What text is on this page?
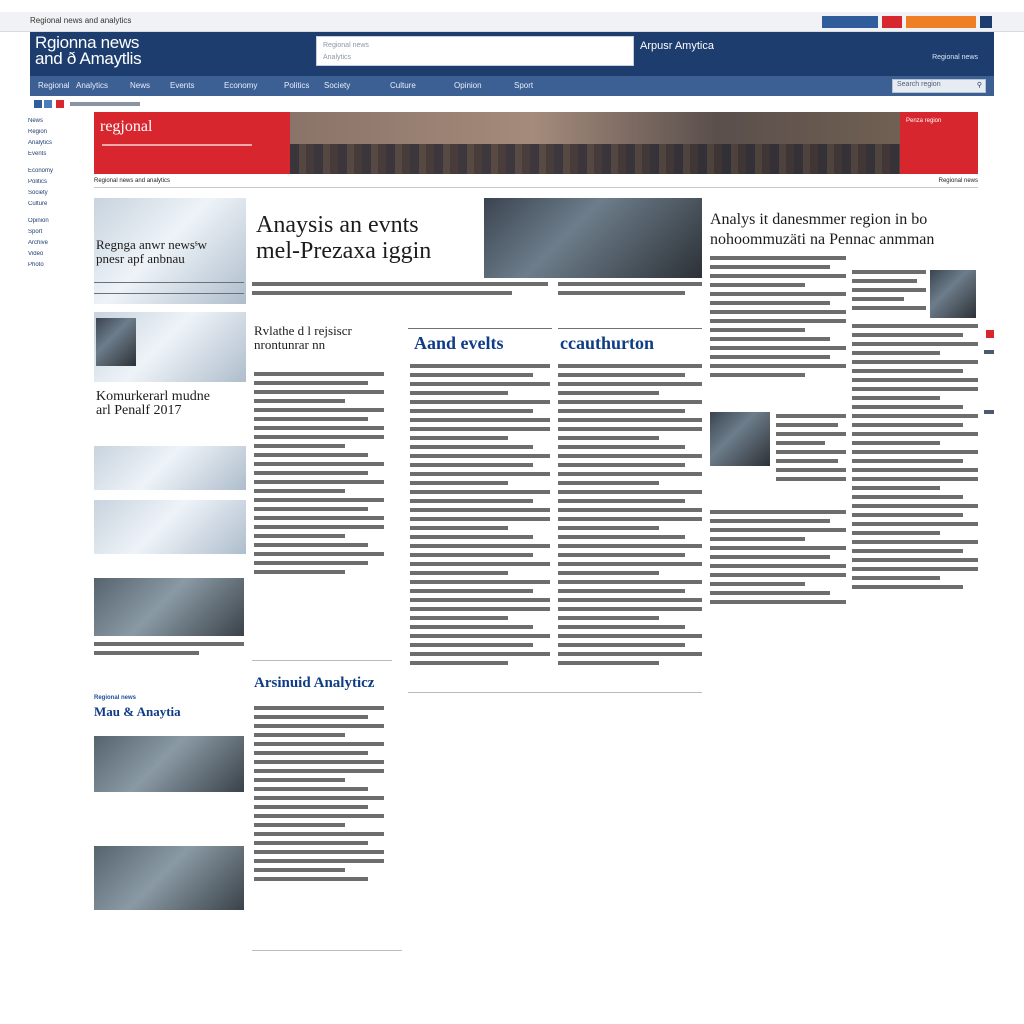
Regional news and analytics
Rgionna news
and ð Amaytlis
Regional news
Analytics
Arpusr Amytica
Regional news
Regional Analytics	News Events	Economy	Politics Society	Culture	Opinion	Sport	Search region	⚲
News
Region
Analytics
Events
Economy
Politics
Society
Culture
Opinion
Sport
Archive
Video
Photo
regjonal	Penza region
Regional news and analytics	Regional news
Regnga anwr newsˢw
pnesr apf anbnau
Komurkerarl mudne
arl Penalf 2017
Regional news
Mau & Anaytia
Anaysis an evnts
mel-Prezaxa iggin
Rvlathe d l rejsiscr
nrontunrar nn
Arsinuid Analyticz
Aand evelts	ccauthurton
Analys it danesmmer region in bo
nohoommuzäti na Pennac anmman
